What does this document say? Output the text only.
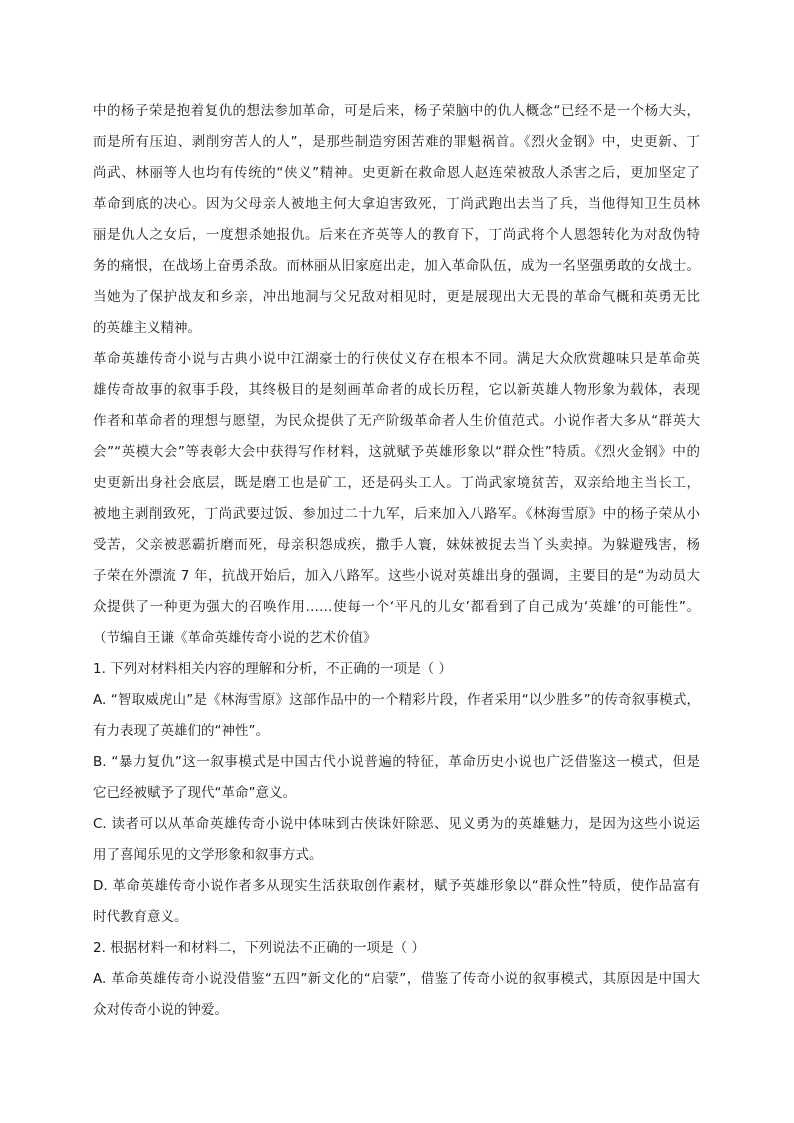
中的杨子荣是抱着复仇的想法参加革命，可是后来，杨子荣脑中的仇人概念“已经不是一个杨大头，
而是所有压迫、剥削穷苦人的人”，是那些制造穷困苦难的罪魁祸首。《烈火金钢》中，史更新、丁
尚武、林丽等人也均有传统的“侠义”精神。史更新在救命恩人赵连荣被敌人杀害之后，更加坚定了
革命到底的决心。因为父母亲人被地主何大拿迫害致死，丁尚武跑出去当了兵，当他得知卫生员林
丽是仇人之女后，一度想杀她报仇。后来在齐英等人的教育下，丁尚武将个人恩怨转化为对敌伪特
务的痛恨，在战场上奋勇杀敌。而林丽从旧家庭出走，加入革命队伍，成为一名坚强勇敢的女战士。
当她为了保护战友和乡亲，冲出地洞与父兄敌对相见时，更是展现出大无畏的革命气概和英勇无比
的英雄主义精神。
革命英雄传奇小说与古典小说中江湖豪士的行侠仗义存在根本不同。满足大众欣赏趣味只是革命英
雄传奇故事的叙事手段，其终极目的是刻画革命者的成长历程，它以新英雄人物形象为载体，表现
作者和革命者的理想与愿望，为民众提供了无产阶级革命者人生价值范式。小说作者大多从“群英大
会”“英模大会”等表彰大会中获得写作材料，这就赋予英雄形象以“群众性”特质。《烈火金钢》中的
史更新出身社会底层，既是磨工也是矿工，还是码头工人。丁尚武家境贫苦，双亲给地主当长工，
被地主剥削致死，丁尚武要过饭、参加过二十九军，后来加入八路军。《林海雪原》中的杨子荣从小
受苦，父亲被恶霸折磨而死，母亲积怨成疾，撒手人寰，妹妹被捉去当丫头卖掉。为躲避残害，杨
子荣在外漂流 7 年，抗战开始后，加入八路军。这些小说对英雄出身的强调，主要目的是“为动员大
众提供了一种更为强大的召唤作用……使每一个‘平凡的儿女’都看到了自己成为‘英雄’的可能性”。
（节编自王谦《革命英雄传奇小说的艺术价值》
1. 下列对材料相关内容的理解和分析，不正确的一项是（ ）
A. “智取威虎山”是《林海雪原》这部作品中的一个精彩片段，作者采用“以少胜多”的传奇叙事模式，
有力表现了英雄们的“神性”。
B. “暴力复仇”这一叙事模式是中国古代小说普遍的特征，革命历史小说也广泛借鉴这一模式，但是
它已经被赋予了现代“革命”意义。
C. 读者可以从革命英雄传奇小说中体味到古侠诛奸除恶、见义勇为的英雄魅力，是因为这些小说运
用了喜闻乐见的文学形象和叙事方式。
D. 革命英雄传奇小说作者多从现实生活获取创作素材，赋予英雄形象以“群众性”特质，使作品富有
时代教育意义。
2. 根据材料一和材料二，下列说法不正确的一项是（ ）
A. 革命英雄传奇小说没借鉴“五四”新文化的“启蒙”，借鉴了传奇小说的叙事模式，其原因是中国大
众对传奇小说的钟爱。
